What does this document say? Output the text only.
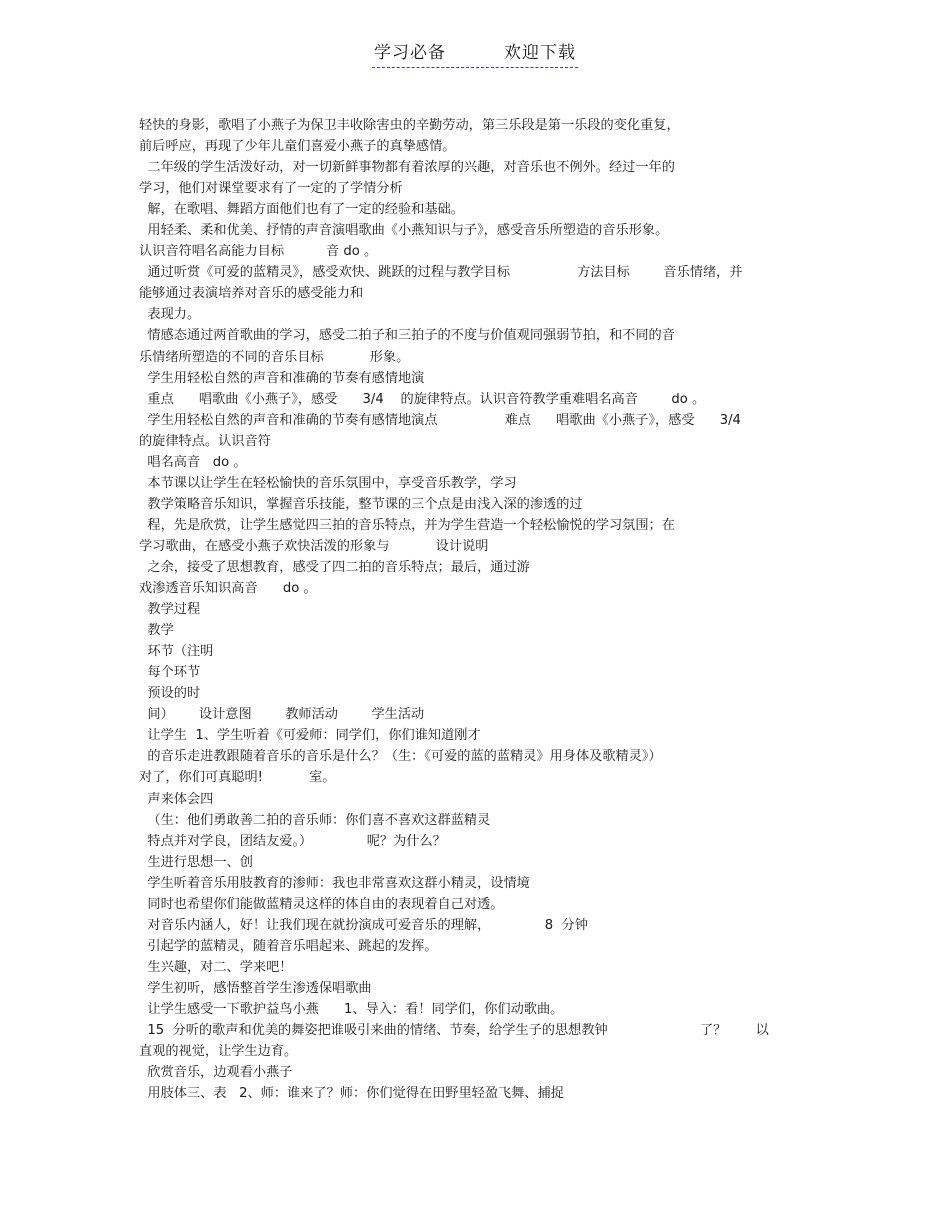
学习必备	欢迎下载
轻快的身影，歌唱了小燕子为保卫丰收除害虫的辛勤劳动，第三乐段是第一乐段的变化重复，
前后呼应，再现了少年儿童们喜爱小燕子的真挚感情。
二年级的学生活泼好动，对一切新鲜事物都有着浓厚的兴趣，对音乐也不例外。经过一年的
学习，他们对课堂要求有了一定的了学情分析
解，在歌唱、舞蹈方面他们也有了一定的经验和基础。
用轻柔、柔和优美、抒情的声音演唱歌曲《小燕知识与子》，感受音乐所塑造的音乐形象。
认识音符唱名高能力目标          音 do 。
通过听赏《可爱的蓝精灵》，感受欢快、跳跃的过程与教学目标                方法目标        音乐情绪，并
能够通过表演培养对音乐的感受能力和
表现力。
情感态通过两首歌曲的学习，感受二拍子和三拍子的不度与价值观同强弱节拍，和不同的音
乐情绪所塑造的不同的音乐目标           形象。
学生用轻松自然的声音和准确的节奏有感情地演
重点      唱歌曲《小燕子》，感受      3/4    的旋律特点。认识音符教学重难唱名高音        do 。
学生用轻松自然的声音和准确的节奏有感情地演点                难点      唱歌曲《小燕子》，感受      3/4
的旋律特点。认识音符
唱名高音   do 。
本节课以让学生在轻松愉快的音乐氛围中，享受音乐教学，学习
教学策略音乐知识，掌握音乐技能，整节课的三个点是由浅入深的渗透的过
程，先是欣赏，让学生感觉四三拍的音乐特点，并为学生营造一个轻松愉悦的学习氛围；在
学习歌曲，在感受小燕子欢快活泼的形象与           设计说明
之余，接受了思想教育，感受了四二拍的音乐特点；最后，通过游
戏渗透音乐知识高音      do 。
教学过程
教学
环节（注明
每个环节
预设的时
间）      设计意图        教师活动        学生活动
让学生  1、学生听着《可爱师：同学们，你们谁知道刚才
的音乐走进教跟随着音乐的音乐是什么？（生：《可爱的蓝的蓝精灵》用身体及歌精灵》）
对了，你们可真聪明!           室。
声来体会四
（生：他们勇敢善二拍的音乐师：你们喜不喜欢这群蓝精灵
特点并对学良，团结友爱。）             呢？为什么？
生进行思想一、创
学生听着音乐用肢教育的渗师：我也非常喜欢这群小精灵，设情境
同时也希望你们能做蓝精灵这样的体自由的表现着自己对透。
对音乐内涵人，好！让我们现在就扮演成可爱音乐的理解，             8  分钟
引起学的蓝精灵，随着音乐唱起来、跳起的发挥。
生兴趣，对二、学来吧！
学生初听，感悟整首学生渗透保唱歌曲
让学生感受一下歌护益鸟小燕      1、导入：看！同学们，你们动歌曲。
15  分听的歌声和优美的舞姿把谁吸引来曲的情绪、节奏，给学生子的思想教钟                      了？       以
直观的视觉，让学生边育。
欣赏音乐，边观看小燕子
用肢体三、表   2、师：谁来了？师：你们觉得在田野里轻盈飞舞、捕捉
